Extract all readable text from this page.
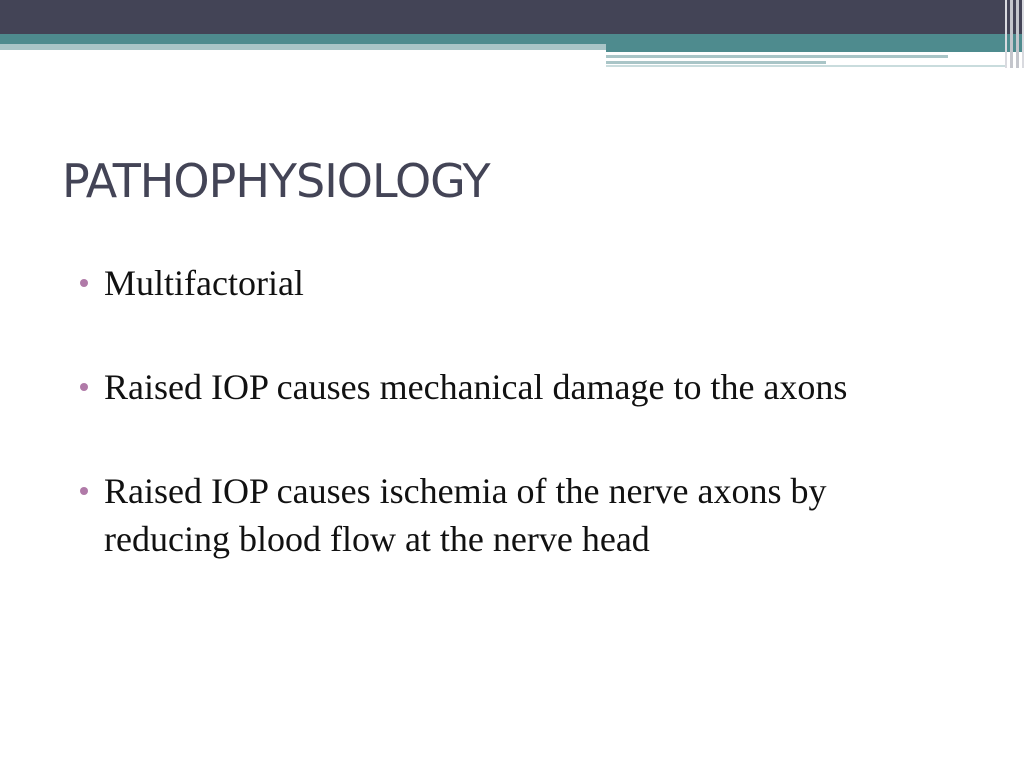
PATHOPHYSIOLOGY
Multifactorial
Raised IOP causes mechanical damage to the axons
Raised IOP causes ischemia of the nerve axons by reducing blood flow at the nerve head
